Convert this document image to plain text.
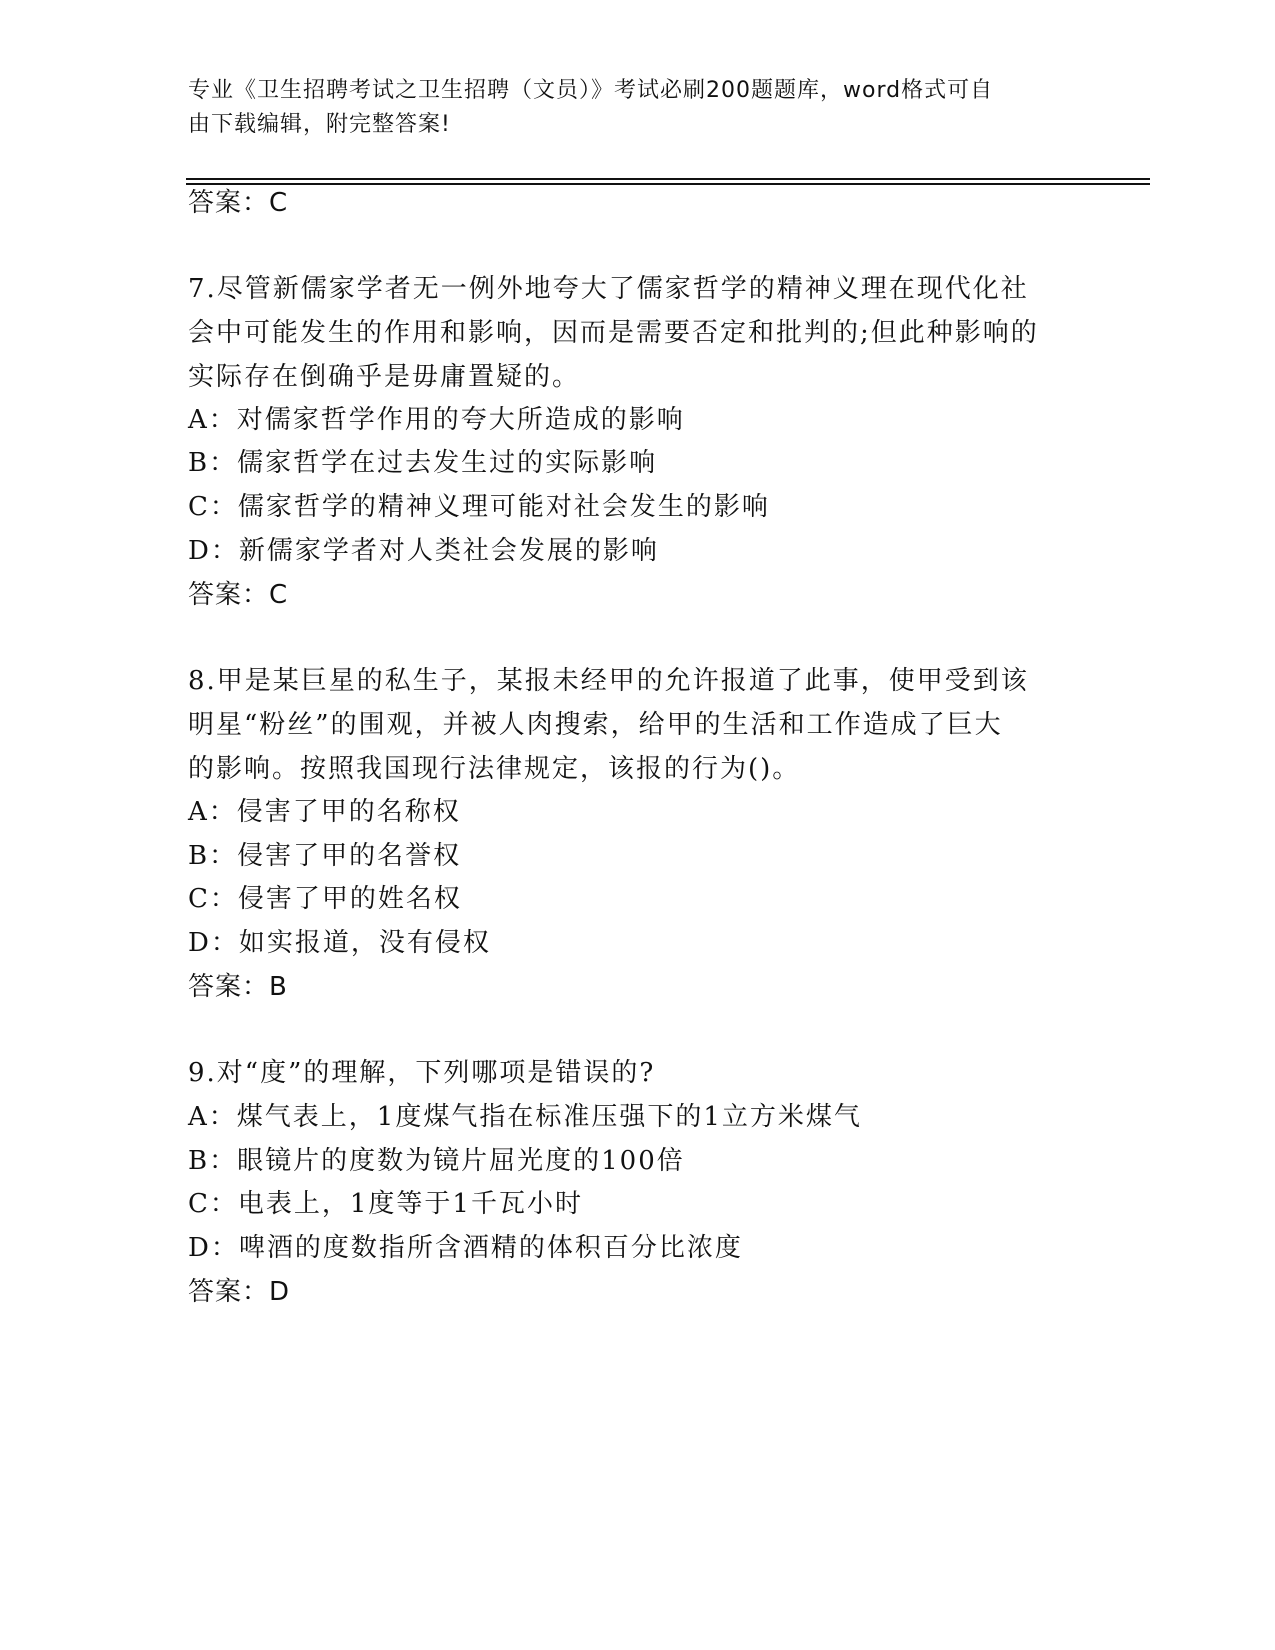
专业《卫生招聘考试之卫生招聘（文员）》考试必刷200题题库，word格式可自
由下载编辑，附完整答案!
答案：C
7.尽管新儒家学者无一例外地夸大了儒家哲学的精神义理在现代化社
会中可能发生的作用和影响，因而是需要否定和批判的;但此种影响的
实际存在倒确乎是毋庸置疑的。
A：对儒家哲学作用的夸大所造成的影响
B：儒家哲学在过去发生过的实际影响
C：儒家哲学的精神义理可能对社会发生的影响
D：新儒家学者对人类社会发展的影响
答案：C
8.甲是某巨星的私生子，某报未经甲的允许报道了此事，使甲受到该
明星“粉丝”的围观，并被人肉搜索，给甲的生活和工作造成了巨大
的影响。按照我国现行法律规定，该报的行为()。
A：侵害了甲的名称权
B：侵害了甲的名誉权
C：侵害了甲的姓名权
D：如实报道，没有侵权
答案：B
9.对“度”的理解，下列哪项是错误的?
A：煤气表上，1度煤气指在标准压强下的1立方米煤气
B：眼镜片的度数为镜片屈光度的100倍
C：电表上，1度等于1千瓦小时
D：啤酒的度数指所含酒精的体积百分比浓度
答案：D
